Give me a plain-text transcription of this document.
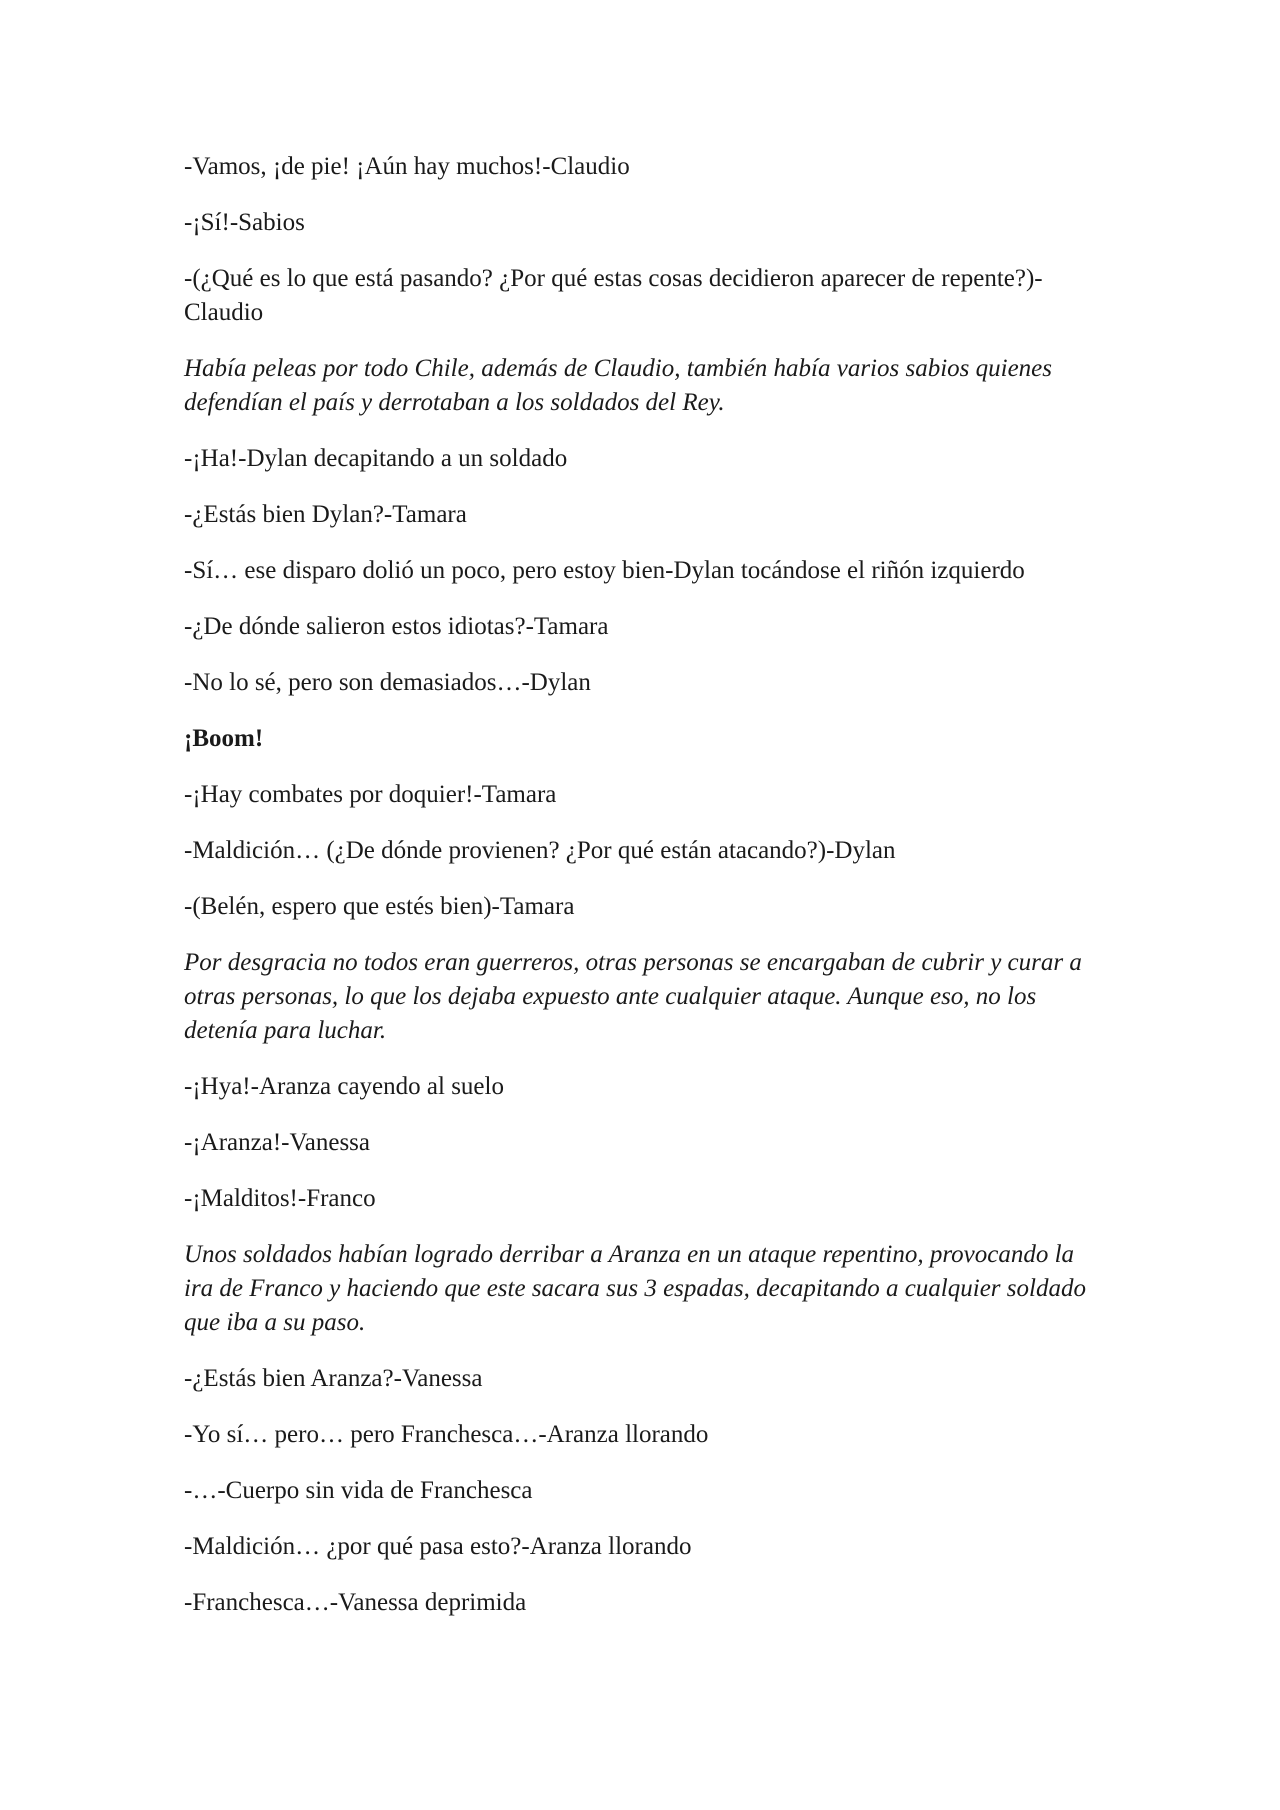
-Vamos, ¡de pie! ¡Aún hay muchos!-Claudio

-¡Sí!-Sabios

-(¿Qué es lo que está pasando? ¿Por qué estas cosas decidieron aparecer de repente?)-Claudio

Había peleas por todo Chile, además de Claudio, también había varios sabios quienes defendían el país y derrotaban a los soldados del Rey.

-¡Ha!-Dylan decapitando a un soldado

-¿Estás bien Dylan?-Tamara

-Sí… ese disparo dolió un poco, pero estoy bien-Dylan tocándose el riñón izquierdo

-¿De dónde salieron estos idiotas?-Tamara

-No lo sé, pero son demasiados…-Dylan

¡Boom!

-¡Hay combates por doquier!-Tamara

-Maldición… (¿De dónde provienen? ¿Por qué están atacando?)-Dylan

-(Belén, espero que estés bien)-Tamara

Por desgracia no todos eran guerreros, otras personas se encargaban de cubrir y curar a otras personas, lo que los dejaba expuesto ante cualquier ataque. Aunque eso, no los detenía para luchar.

-¡Hya!-Aranza cayendo al suelo

-¡Aranza!-Vanessa

-¡Malditos!-Franco

Unos soldados habían logrado derribar a Aranza en un ataque repentino, provocando la ira de Franco y haciendo que este sacara sus 3 espadas, decapitando a cualquier soldado que iba a su paso.

-¿Estás bien Aranza?-Vanessa

-Yo sí… pero… pero Franchesca…-Aranza llorando

-…-Cuerpo sin vida de Franchesca

-Maldición… ¿por qué pasa esto?-Aranza llorando

-Franchesca…-Vanessa deprimida
